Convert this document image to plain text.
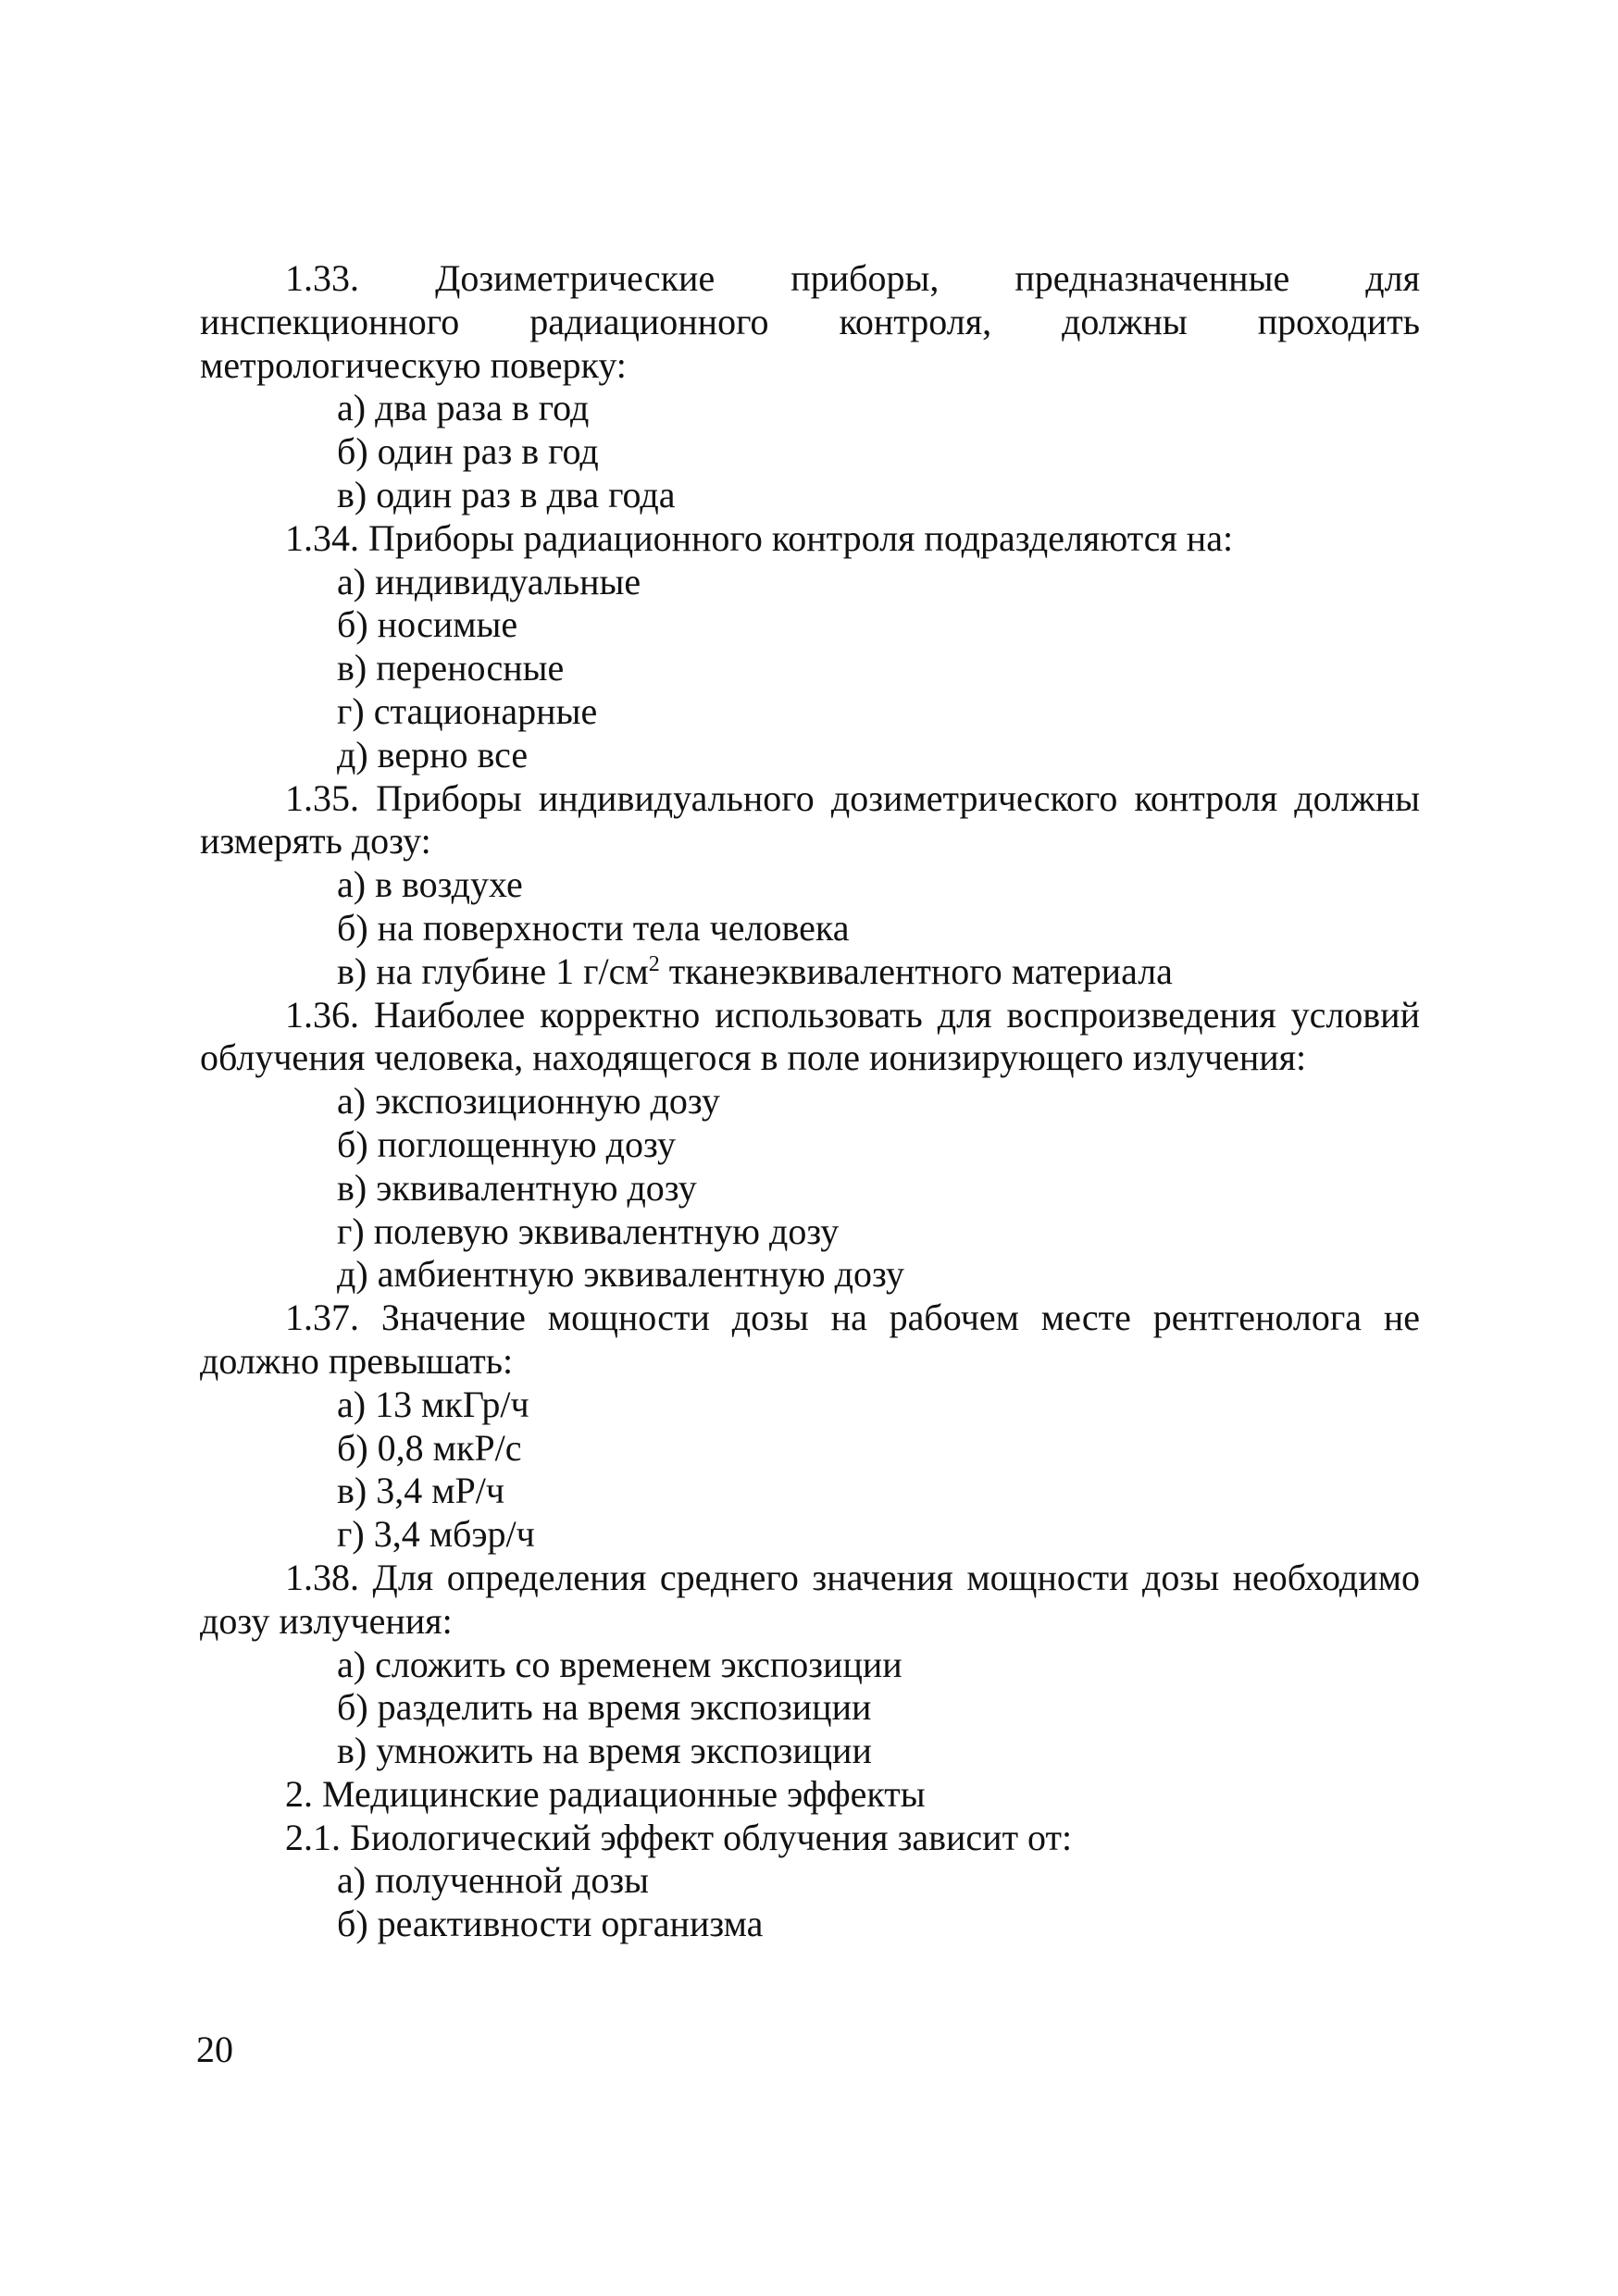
1.33. Дозиметрические приборы, предназначенные для инспекционного радиационного контроля, должны проходить метрологическую поверку:

а) два раза в год

б) один раз в год

в) один раз в два года

1.34. Приборы радиационного контроля подразделяются на:

а) индивидуальные

б) носимые

в) переносные

г) стационарные

д) верно все

1.35. Приборы индивидуального дозиметрического контроля должны измерять дозу:

а) в воздухе

б) на поверхности тела человека

в) на глубине 1 $г/см^2$ тканеэквивалентного материала

1.36. Наиболее корректно использовать для воспроизведения условий облучения человека, находящегося в поле ионизирующего излучения:

а) экспозиционную дозу

б) поглощенную дозу

в) эквивалентную дозу

г) полевую эквивалентную дозу

д) амбиентную эквивалентную дозу

1.37. Значение мощности дозы на рабочем месте рентгенолога не должно превышать:

а) 13 мкГр/ч

б) 0,8 мкР/с

в) 3,4 мР/ч

г) 3,4 мбэр/ч

1.38. Для определения среднего значения мощности дозы необходимо дозу излучения:

а) сложить со временем экспозиции

б) разделить на время экспозиции

в) умножить на время экспозиции

2. Медицинские радиационные эффекты

2.1. Биологический эффект облучения зависит от:

а) полученной дозы

б) реактивности организма

20
